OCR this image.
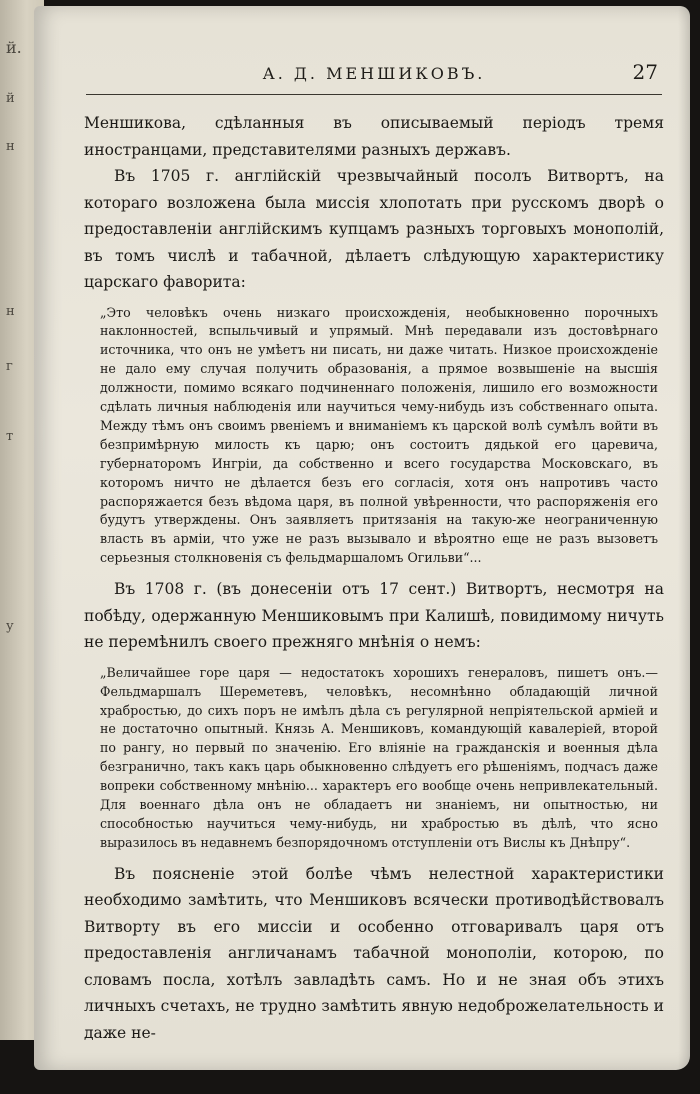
й.
й
н
н
г
т
у
А. Д. МЕНШИКОВЪ.	27

Меншикова, сдѣланныя въ описываемый періодъ тремя иностранцами, представителями разныхъ державъ.

Въ 1705 г. англійскій чрезвычайный посолъ Витвортъ, на котораго возложена была миссія хлопотать при русскомъ дворѣ о предоставленіи англійскимъ купцамъ разныхъ торговыхъ монополій, въ томъ числѣ и табачной, дѣлаетъ слѣдующую характеристику царскаго фаворита:

„Это человѣкъ очень низкаго происхожденія, необыкновенно порочныхъ наклонностей, вспыльчивый и упрямый. Мнѣ передавали изъ достовѣрнаго источника, что онъ не умѣетъ ни писать, ни даже читать. Низкое происхожденіе не дало ему случая получить образованія, а прямое возвышеніе на высшія должности, помимо всякаго подчиненнаго положенія, лишило его возможности сдѣлать личныя наблюденія или научиться чему-нибудь изъ собственнаго опыта. Между тѣмъ онъ своимъ рвеніемъ и вниманіемъ къ царской волѣ сумѣлъ войти въ безпримѣрную милость къ царю; онъ состоитъ дядькой его царевича, губернаторомъ Ингріи, да собственно и всего государства Московскаго, въ которомъ ничто не дѣлается безъ его согласія, хотя онъ напротивъ часто распоряжается безъ вѣдома царя, въ полной увѣренности, что распоряженія его будутъ утверждены. Онъ заявляетъ притязанія на такую-же неограниченную власть въ арміи, что уже не разъ вызывало и вѣроятно еще не разъ вызоветъ серьезныя столкновенія съ фельдмаршаломъ Огильви“...

Въ 1708 г. (въ донесеніи отъ 17 сент.) Витвортъ, несмотря на побѣду, одержанную Меншиковымъ при Калишѣ, повидимому ничуть не перемѣнилъ своего прежняго мнѣнія о немъ:

„Величайшее горе царя — недостатокъ хорошихъ генераловъ, пишетъ онъ.—Фельдмаршалъ Шереметевъ, человѣкъ, несомнѣнно обладающій личной храбростью, до сихъ поръ не имѣлъ дѣла съ регулярной непріятельской арміей и не достаточно опытный. Князь А. Меншиковъ, командующій кавалеріей, второй по рангу, но первый по значенію. Его вліяніе на гражданскія и военныя дѣла безгранично, такъ какъ царь обыкновенно слѣдуетъ его рѣшеніямъ, подчасъ даже вопреки собственному мнѣнію... характеръ его вообще очень непривлекательный. Для военнаго дѣла онъ не обладаетъ ни знаніемъ, ни опытностью, ни способностью научиться чему-нибудь, ни храбростью въ дѣлѣ, что ясно выразилось въ недавнемъ безпорядочномъ отступленіи отъ Вислы къ Днѣпру“.

Въ поясненіе этой болѣе чѣмъ нелестной характеристики необходимо замѣтить, что Меншиковъ всячески противодѣйствовалъ Витворту въ его миссіи и особенно отговаривалъ царя отъ предоставленія англичанамъ табачной монополіи, которою, по словамъ посла, хотѣлъ завладѣть самъ. Но и не зная объ этихъ личныхъ счетахъ, не трудно замѣтить явную недоброжелательность и даже не-
